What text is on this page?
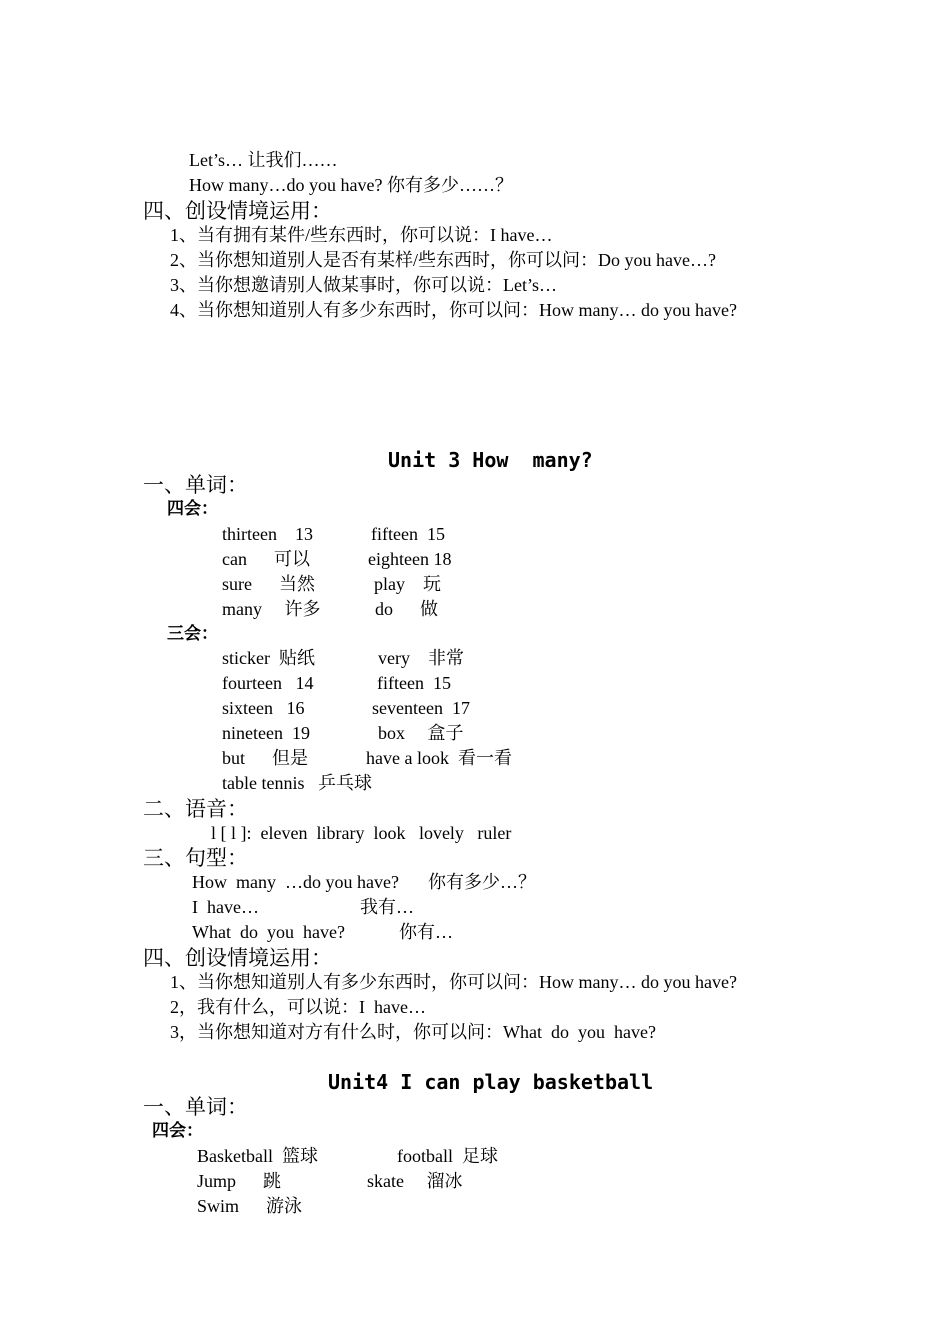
Let’s… 让我们……
How many…do you have? 你有多少……？
四、创设情境运用：
1、当有拥有某件/些东西时，你可以说：I have…
2、当你想知道别人是否有某样/些东西时，你可以问：Do you have…?
3、当你想邀请别人做某事时，你可以说：Let’s…
4、当你想知道别人有多少东西时，你可以问：How many… do you have?
Unit 3 How  many?
一、单词：
四会：
thirteen    13	fifteen  15
can      可以	eighteen 18
sure      当然	play    玩
many     许多	do      做
三会：
sticker  贴纸	very    非常
fourteen   14	fifteen  15
sixteen   16	seventeen  17
nineteen  19	box     盒子
but      但是	have a look  看一看
table tennis   乒乓球
二、语音：
l [ l ]:  eleven  library  look   lovely   ruler
三、句型：
How  many  …do you have? 你有多少…？
I  have…	我有…
What  do  you  have?	你有…
四、创设情境运用：
1、当你想知道别人有多少东西时，你可以问：How many… do you have?
2，我有什么，可以说：I  have…
3，当你想知道对方有什么时，你可以问：What  do  you  have?
Unit4 I can play basketball
一、单词：
四会：
Basketball  篮球	football  足球
Jump      跳	skate     溜冰
Swim      游泳
